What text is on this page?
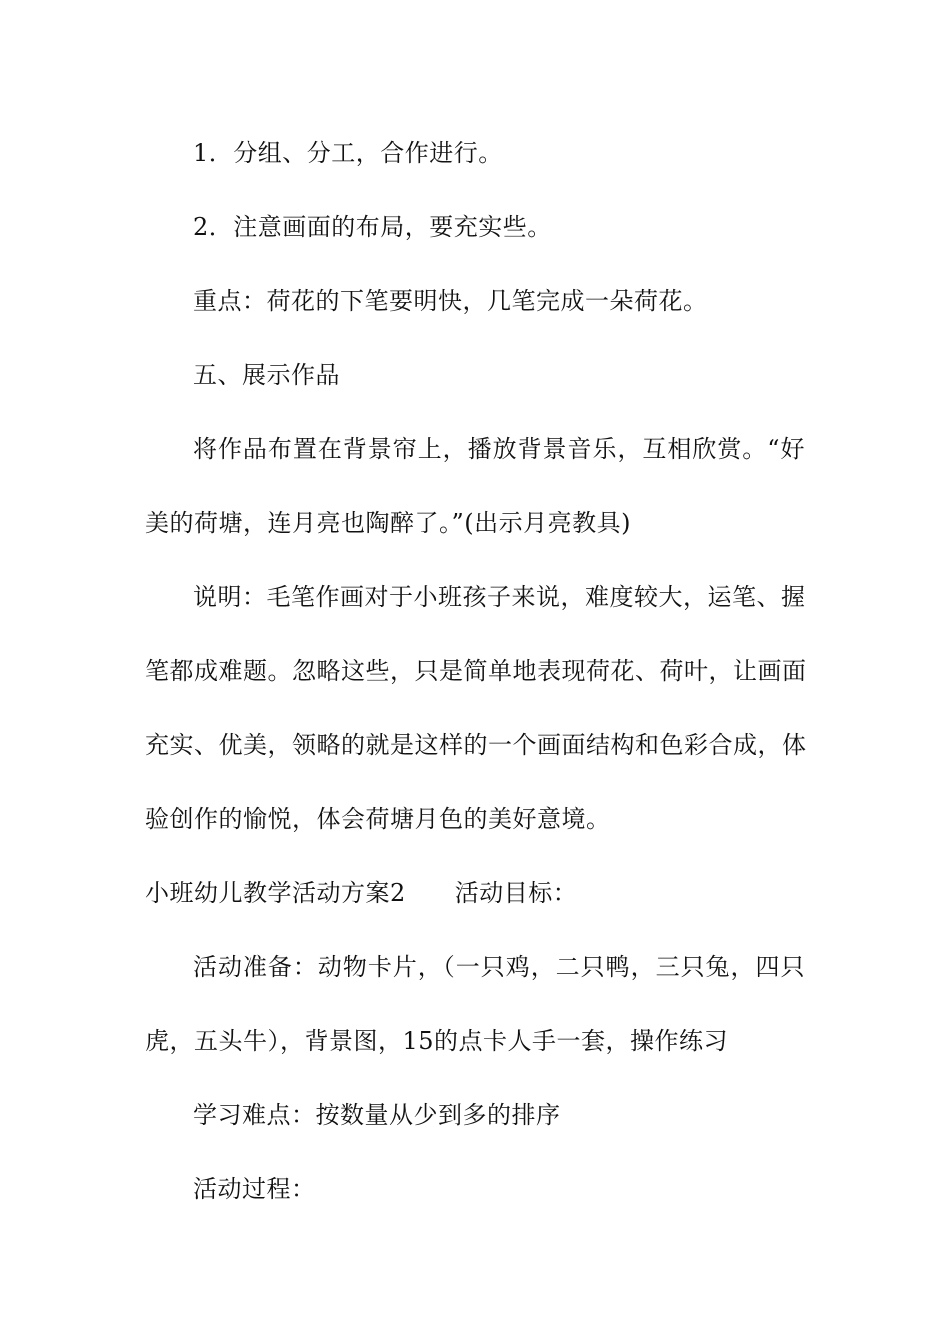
1．分组、分工，合作进行。
2．注意画面的布局，要充实些。
重点：荷花的下笔要明快，几笔完成一朵荷花。
五、展示作品
将作品布置在背景帘上，播放背景音乐，互相欣赏。“好
美的荷塘，连月亮也陶醉了。”(出示月亮教具)
说明：毛笔作画对于小班孩子来说，难度较大，运笔、握
笔都成难题。忽略这些，只是简单地表现荷花、荷叶，让画面
充实、优美，领略的就是这样的一个画面结构和色彩合成，体
验创作的愉悦，体会荷塘月色的美好意境。
小班幼儿教学活动方案2　　活动目标：
活动准备：动物卡片，（一只鸡，二只鸭，三只兔，四只
虎，五头牛），背景图，15的点卡人手一套，操作练习
学习难点：按数量从少到多的排序
活动过程：
